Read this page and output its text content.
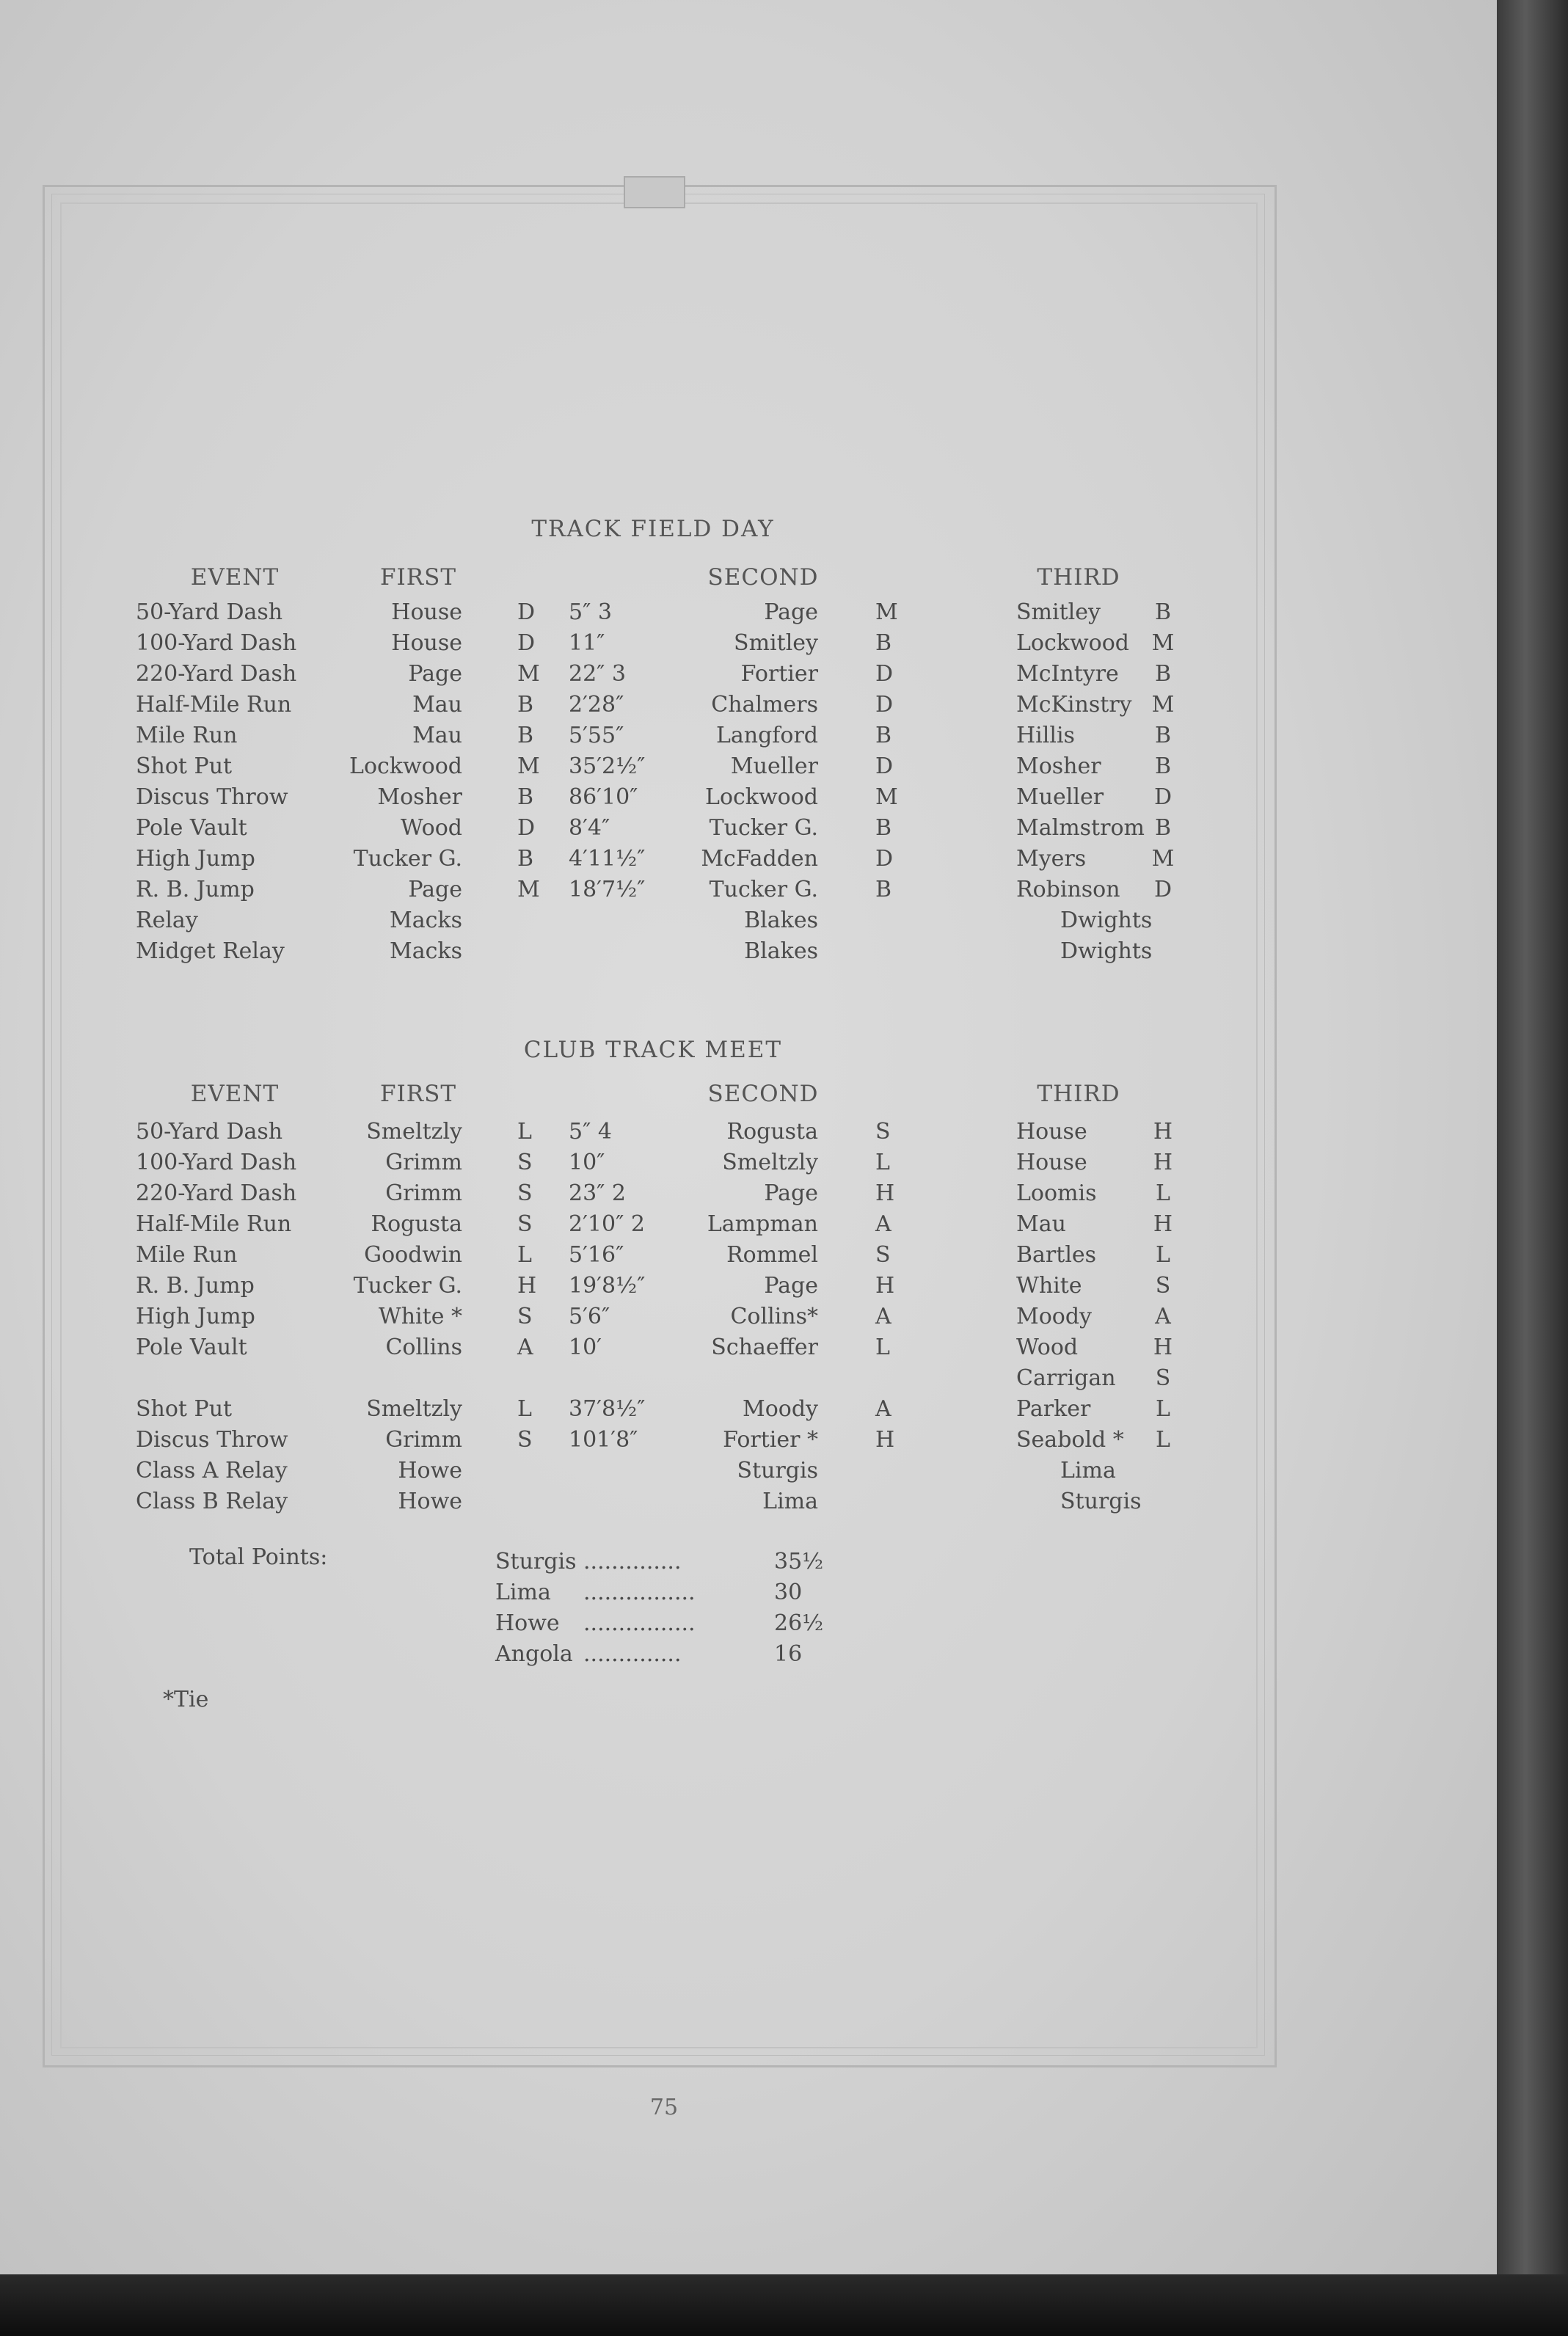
TRACK FIELD DAY
EVENT	FIRST	SECOND	THIRD
50-Yard Dash	House	D	5″ 3	Page	M	Smitley	B
100-Yard Dash	House	D	11″	Smitley	B	Lockwood	M
220-Yard Dash	Page	M	22″ 3	Fortier	D	McIntyre	B
Half-Mile Run	Mau	B	2′28″	Chalmers	D	McKinstry M
Mile Run	Mau	B	5′55″	Langford	B	Hillis	B
Shot Put	Lockwood	M	35′2½″	Mueller	D	Mosher	B
Discus Throw	Mosher	B	86′10″	Lockwood	M	Mueller	D
Pole Vault	Wood	D	8′4″	Tucker G.	B	Malmstrom B
High Jump	Tucker G.	B	4′11½″	McFadden	D	Myers	M
R. B. Jump	Page	M	18′7½″	Tucker G.	B	Robinson	D
Relay	Macks	Blakes	Dwights
Midget Relay	Macks	Blakes	Dwights
CLUB TRACK MEET
EVENT	FIRST	SECOND	THIRD
50-Yard Dash	Smeltzly	L	5″ 4	Rogusta	S	House	H
100-Yard Dash	Grimm	S	10″	Smeltzly	L	House	H
220-Yard Dash	Grimm	S	23″ 2	Page	H	Loomis	L
Half-Mile Run	Rogusta	S	2′10″ 2	Lampman	A	Mau	H
Mile Run	Goodwin	L	5′16″	Rommel	S	Bartles	L
R. B. Jump	Tucker G.	H	19′8½″	Page	H	White	S
High Jump	White *	S	5′6″	Collins*	A	Moody	A
Pole Vault	Collins	A	10′	Schaeffer	L	Wood	H
Carrigan	S
Shot Put	Smeltzly	L	37′8½″	Moody	A	Parker	L
Discus Throw	Grimm	S	101′8″	Fortier *	H	Seabold *	L
Class A Relay	Howe	Sturgis	Lima
Class B Relay	Howe	Lima	Sturgis
Total Points:	Sturgis ..............	35½
Lima	................	30
Howe	................	26½
Angola ..............	16
*Tie
75
